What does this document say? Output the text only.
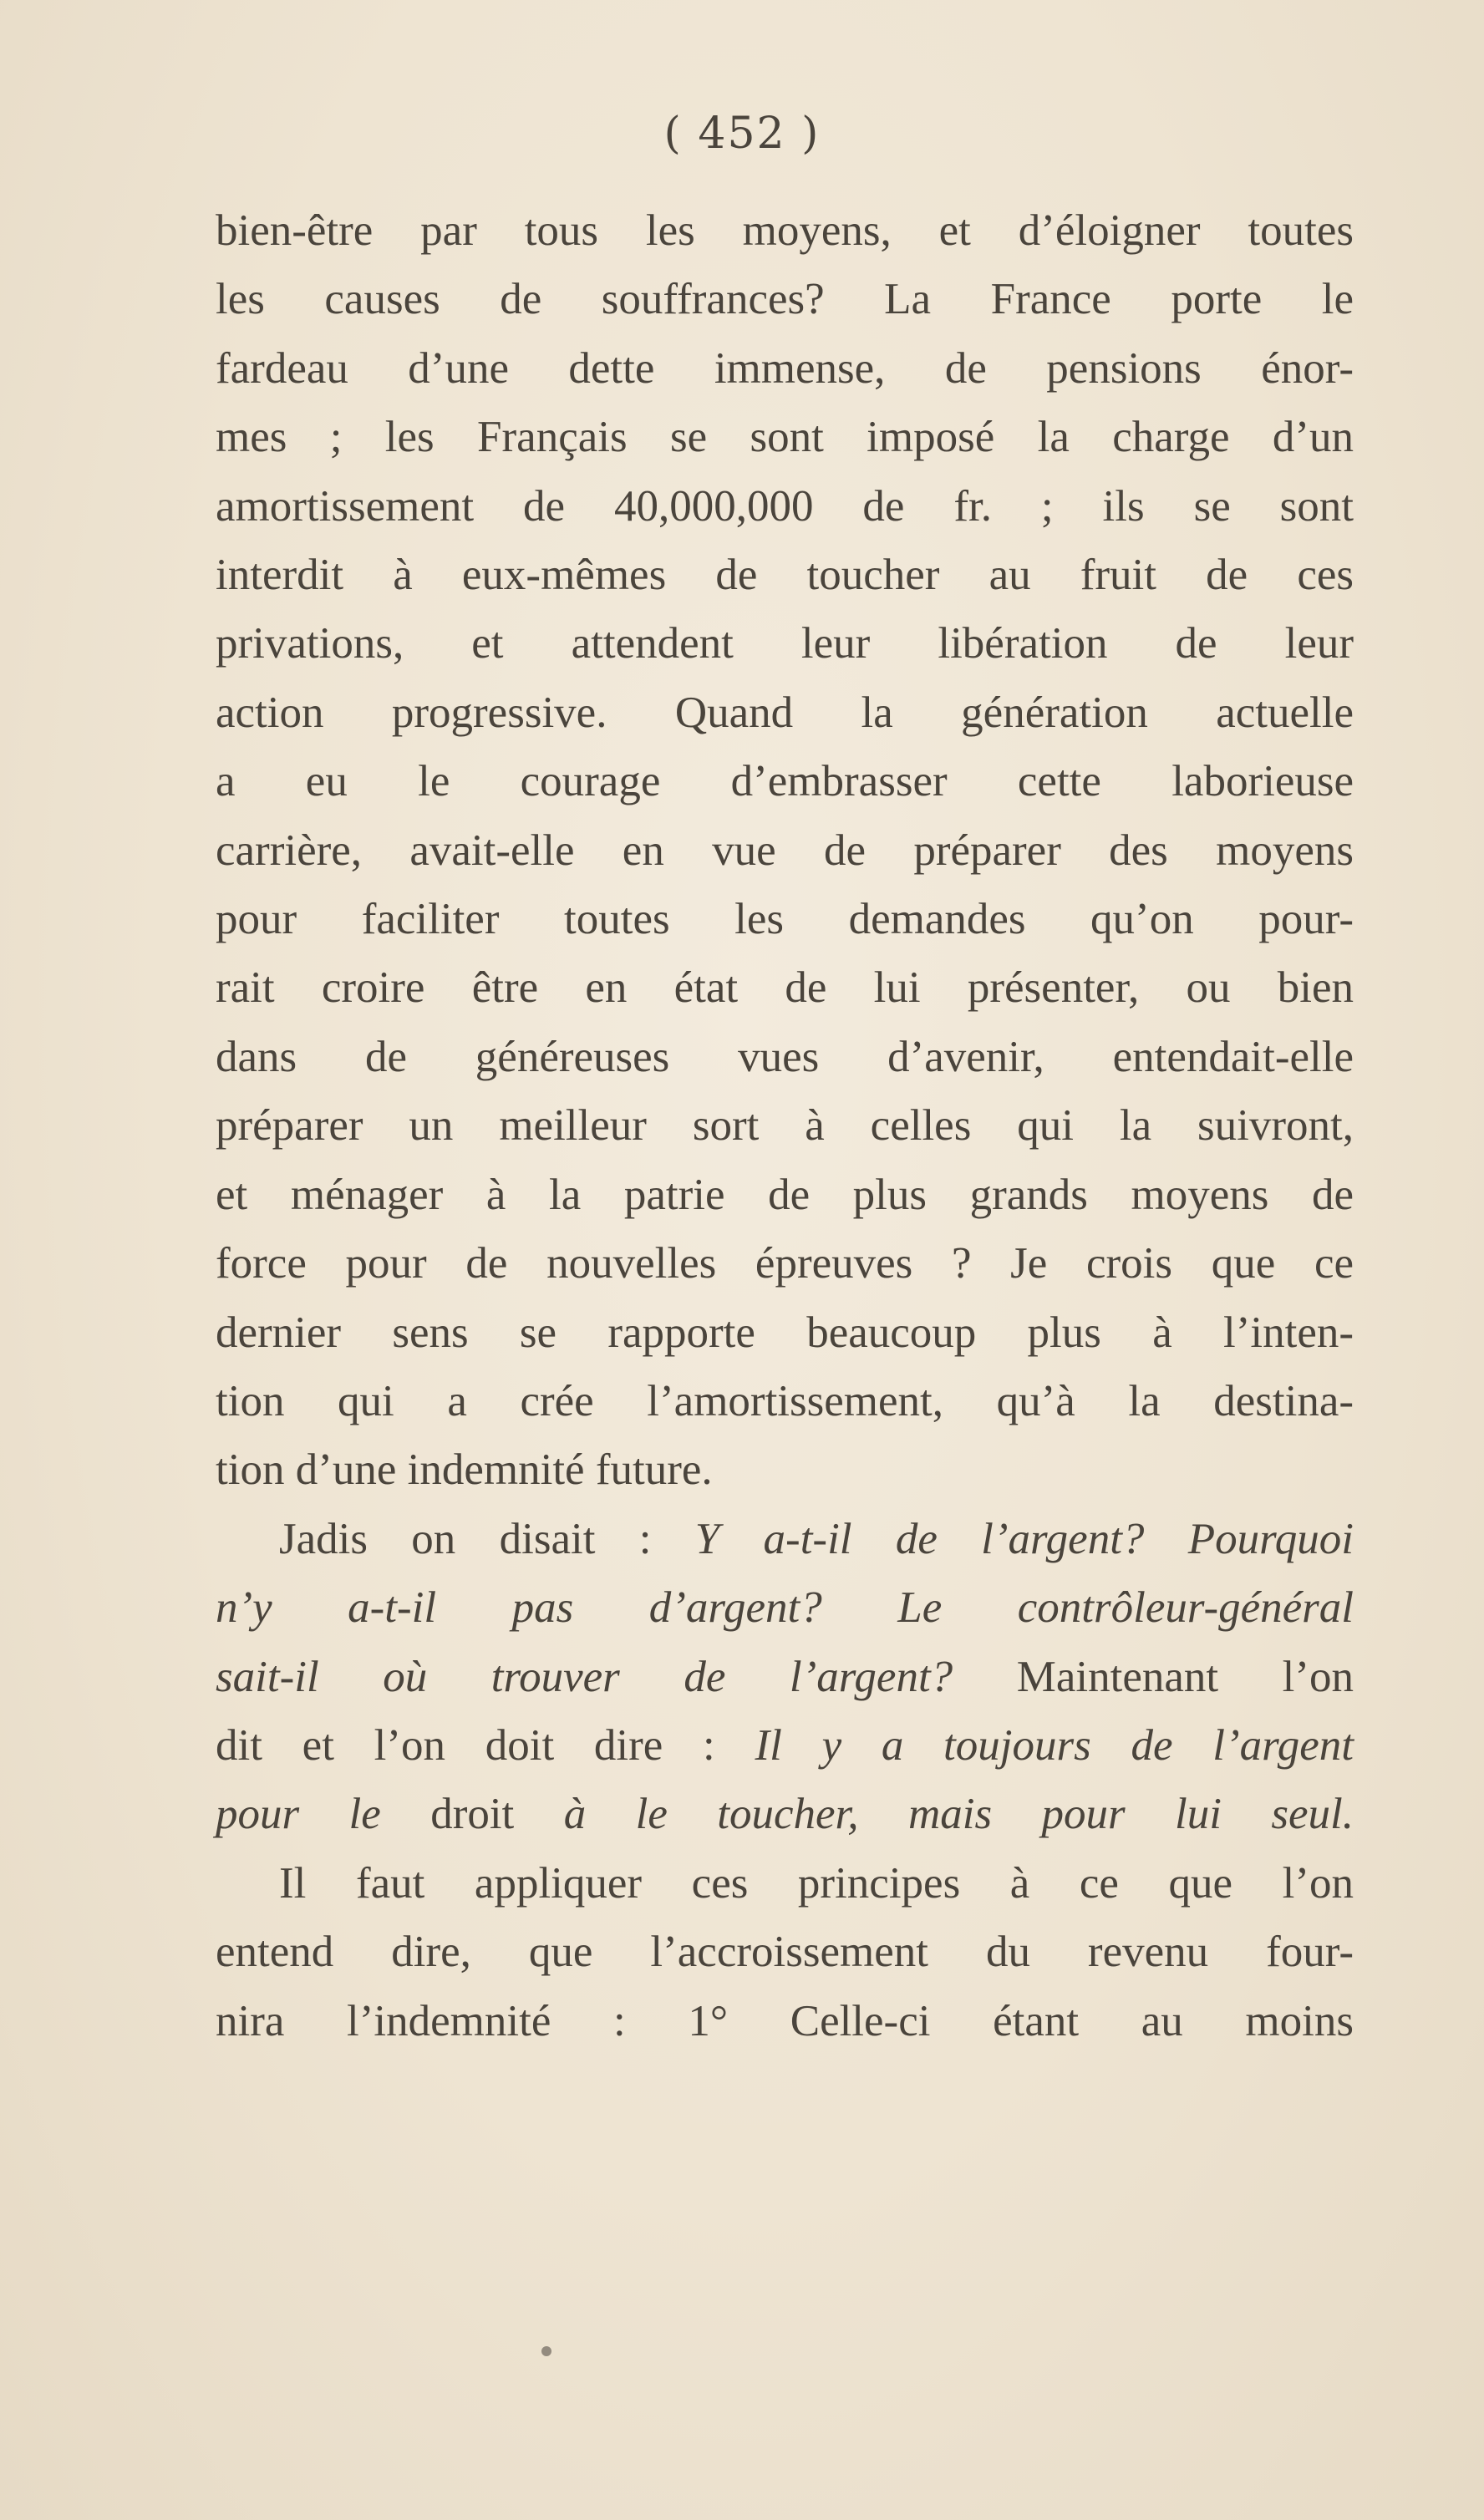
( 452 )

bien-être par tous les moyens, et d’éloigner toutes
les causes de souffrances? La France porte le
fardeau d’une dette immense, de pensions énor-
mes ; les Français se sont imposé la charge d’un
amortissement de 40,000,000 de fr. ; ils se sont
interdit à eux-mêmes de toucher au fruit de ces
privations, et attendent leur libération de leur
action progressive. Quand la génération actuelle
a eu le courage d’embrasser cette laborieuse
carrière, avait-elle en vue de préparer des moyens
pour faciliter toutes les demandes qu’on pour-
rait croire être en état de lui présenter, ou bien
dans de généreuses vues d’avenir, entendait-elle
préparer un meilleur sort à celles qui la suivront,
et ménager à la patrie de plus grands moyens de
force pour de nouvelles épreuves ? Je crois que ce
dernier sens se rapporte beaucoup plus à l’inten-
tion qui a crée l’amortissement, qu’à la destina-
tion d’une indemnité future.

Jadis on disait : Y a-t-il de l’argent? Pourquoi
n’y a-t-il pas d’argent? Le contrôleur-général
sait-il où trouver de l’argent? Maintenant l’on
dit et l’on doit dire : Il y a toujours de l’argent
pour le droit à le toucher, mais pour lui seul.

Il faut appliquer ces principes à ce que l’on
entend dire, que l’accroissement du revenu four-
nira l’indemnité : 1° Celle-ci étant au moins
